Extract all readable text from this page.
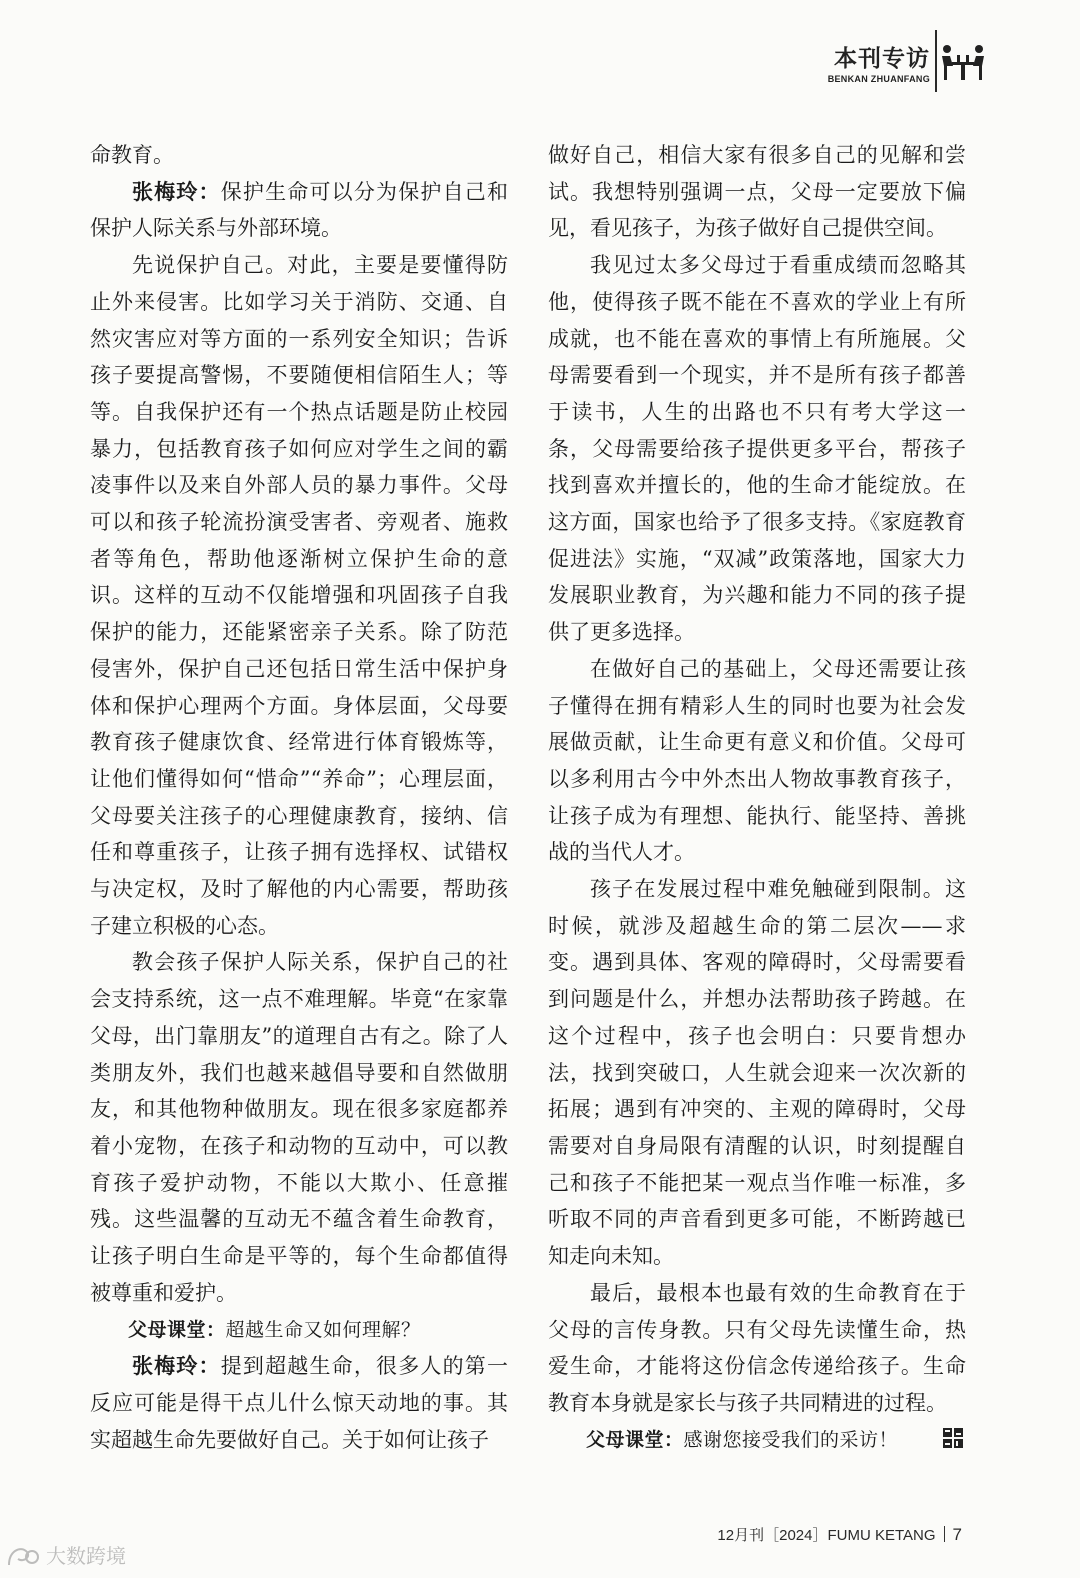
本刊专访
BENKAN ZHUANFANG

命教育。

张梅玲：保护生命可以分为保护自己和保护人际关系与外部环境。

先说保护自己。对此，主要是要懂得防止外来侵害。比如学习关于消防、交通、自然灾害应对等方面的一系列安全知识；告诉孩子要提高警惕，不要随便相信陌生人；等等。自我保护还有一个热点话题是防止校园暴力，包括教育孩子如何应对学生之间的霸凌事件以及来自外部人员的暴力事件。父母可以和孩子轮流扮演受害者、旁观者、施救者等角色，帮助他逐渐树立保护生命的意识。这样的互动不仅能增强和巩固孩子自我保护的能力，还能紧密亲子关系。除了防范侵害外，保护自己还包括日常生活中保护身体和保护心理两个方面。身体层面，父母要教育孩子健康饮食、经常进行体育锻炼等，让他们懂得如何“惜命”“养命”；心理层面，父母要关注孩子的心理健康教育，接纳、信任和尊重孩子，让孩子拥有选择权、试错权与决定权，及时了解他的内心需要，帮助孩子建立积极的心态。

教会孩子保护人际关系，保护自己的社会支持系统，这一点不难理解。毕竟“在家靠父母，出门靠朋友”的道理自古有之。除了人类朋友外，我们也越来越倡导要和自然做朋友，和其他物种做朋友。现在很多家庭都养着小宠物，在孩子和动物的互动中，可以教育孩子爱护动物，不能以大欺小、任意摧残。这些温馨的互动无不蕴含着生命教育，让孩子明白生命是平等的，每个生命都值得被尊重和爱护。

父母课堂：超越生命又如何理解？

张梅玲：提到超越生命，很多人的第一反应可能是得干点儿什么惊天动地的事。其实超越生命先要做好自己。关于如何让孩子

做好自己，相信大家有很多自己的见解和尝试。我想特别强调一点，父母一定要放下偏见，看见孩子，为孩子做好自己提供空间。

我见过太多父母过于看重成绩而忽略其他，使得孩子既不能在不喜欢的学业上有所成就，也不能在喜欢的事情上有所施展。父母需要看到一个现实，并不是所有孩子都善于读书，人生的出路也不只有考大学这一条，父母需要给孩子提供更多平台，帮孩子找到喜欢并擅长的，他的生命才能绽放。在这方面，国家也给予了很多支持。《家庭教育促进法》实施，“双减”政策落地，国家大力发展职业教育，为兴趣和能力不同的孩子提供了更多选择。

在做好自己的基础上，父母还需要让孩子懂得在拥有精彩人生的同时也要为社会发展做贡献，让生命更有意义和价值。父母可以多利用古今中外杰出人物故事教育孩子，让孩子成为有理想、能执行、能坚持、善挑战的当代人才。

孩子在发展过程中难免触碰到限制。这时候，就涉及超越生命的第二层次——求变。遇到具体、客观的障碍时，父母需要看到问题是什么，并想办法帮助孩子跨越。在这个过程中，孩子也会明白：只要肯想办法，找到突破口，人生就会迎来一次次新的拓展；遇到有冲突的、主观的障碍时，父母需要对自身局限有清醒的认识，时刻提醒自己和孩子不能把某一观点当作唯一标准，多听取不同的声音看到更多可能，不断跨越已知走向未知。

最后，最根本也最有效的生命教育在于父母的言传身教。只有父母先读懂生命，热爱生命，才能将这份信念传递给孩子。生命教育本身就是家长与孩子共同精进的过程。

父母课堂：感谢您接受我们的采访！

12月刊［2024］FUMU KETANG 7
大数跨境
